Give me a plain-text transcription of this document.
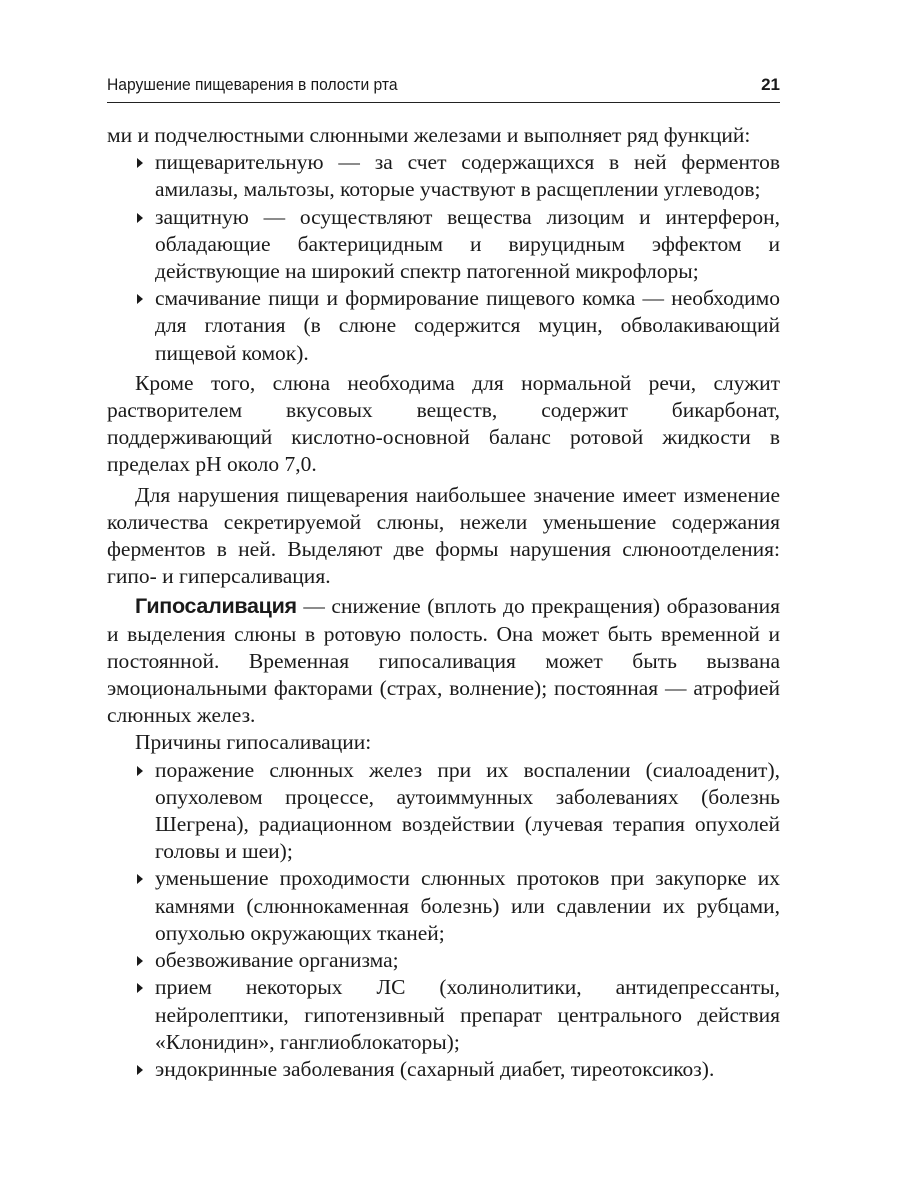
Нарушение пищеварения в полости рта	21

ми и подчелюстными слюнными железами и выполняет ряд функций:

пищеварительную — за счет содержащихся в ней ферментов амилазы, мальтозы, которые участвуют в расщеплении углеводов;
защитную — осуществляют вещества лизоцим и интерферон, обладающие бактерицидным и вируцидным эффектом и действующие на широкий спектр патогенной микрофлоры;
смачивание пищи и формирование пищевого комка — необходимо для глотания (в слюне содержится муцин, обволакивающий пищевой комок).

Кроме того, слюна необходима для нормальной речи, служит растворителем вкусовых веществ, содержит бикарбонат, поддерживающий кислотно-основной баланс ротовой жидкости в пределах pH около 7,0.

Для нарушения пищеварения наибольшее значение имеет изменение количества секретируемой слюны, нежели уменьшение содержания ферментов в ней. Выделяют две формы нарушения слюноотделения: гипо- и гиперсаливация.

Гипосаливация — снижение (вплоть до прекращения) образования и выделения слюны в ротовую полость. Она может быть временной и постоянной. Временная гипосаливация может быть вызвана эмоциональными факторами (страх, волнение); постоянная — атрофией слюнных желез.

Причины гипосаливации:

поражение слюнных желез при их воспалении (сиалоаденит), опухолевом процессе, аутоиммунных заболеваниях (болезнь Шегрена), радиационном воздействии (лучевая терапия опухолей головы и шеи);
уменьшение проходимости слюнных протоков при закупорке их камнями (слюннокаменная болезнь) или сдавлении их рубцами, опухолью окружающих тканей;
обезвоживание организма;
прием некоторых ЛС (холинолитики, антидепрессанты, нейролептики, гипотензивный препарат центрального действия «Клонидин», ганглиоблокаторы);
эндокринные заболевания (сахарный диабет, тиреотоксикоз).
